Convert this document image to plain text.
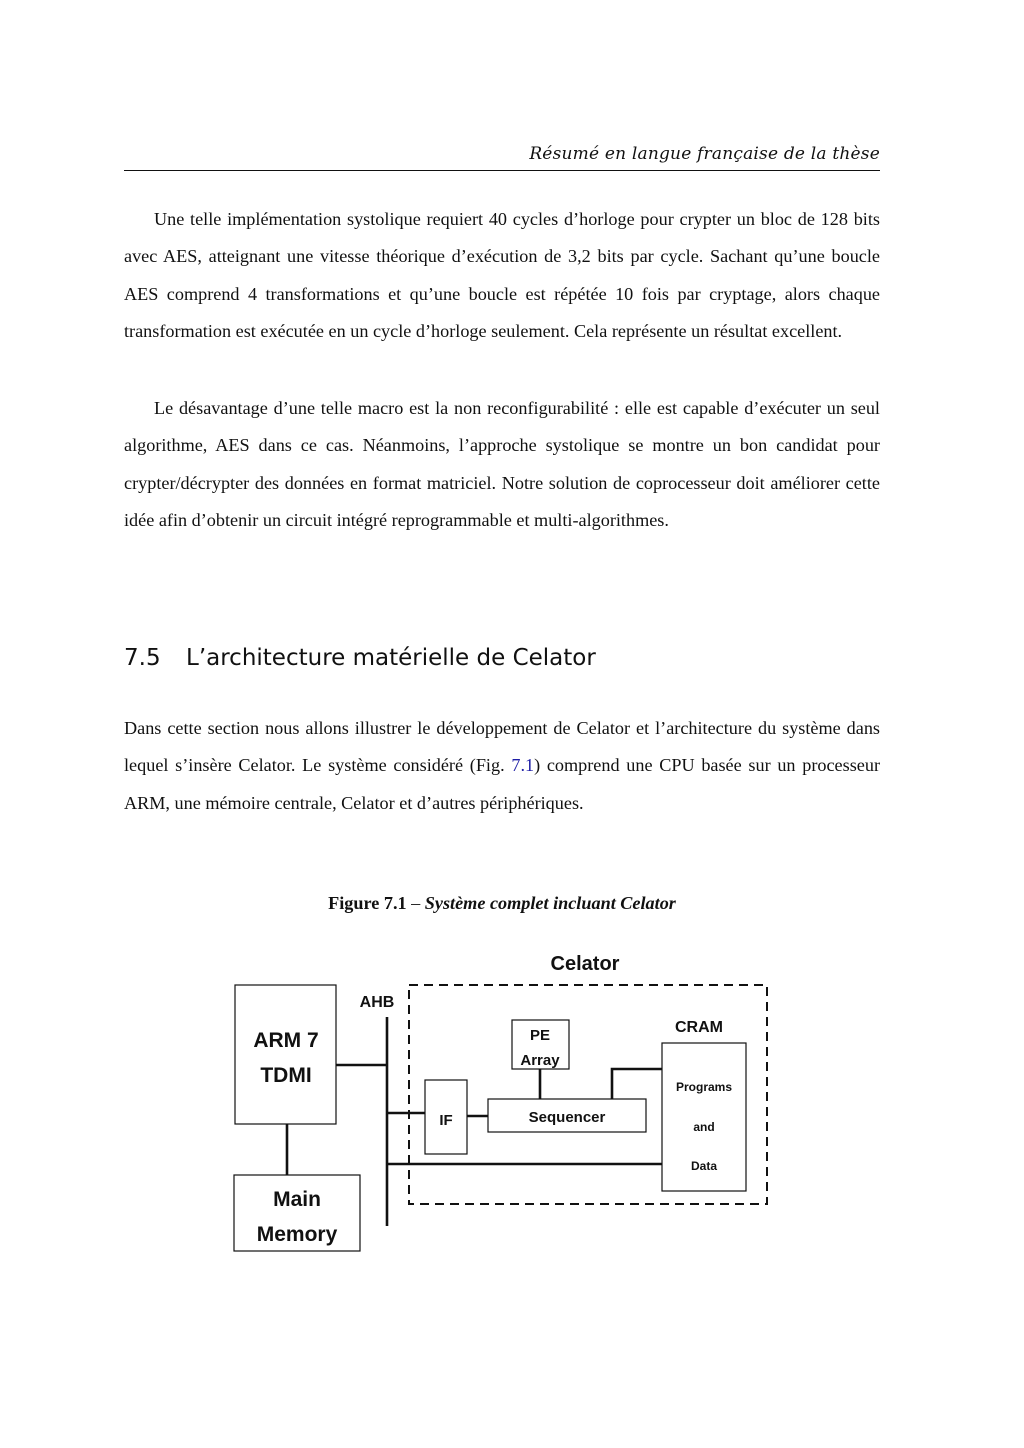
Résumé en langue française de la thèse

Une telle implémentation systolique requiert 40 cycles d’horloge pour crypter un bloc de 128 bits avec AES, atteignant une vitesse théorique d’exécution de 3,2 bits par cycle. Sachant qu’une boucle AES comprend 4 transformations et qu’une boucle est répétée 10 fois par cryptage, alors chaque transformation est exécutée en un cycle d’horloge seulement. Cela représente un résultat excellent.

Le désavantage d’une telle macro est la non reconfigurabilité : elle est capable d’exécuter un seul algorithme, AES dans ce cas. Néanmoins, l’approche systolique se montre un bon candidat pour crypter/décrypter des données en format matriciel. Notre solution de coprocesseur doit améliorer cette idée afin d’obtenir un circuit intégré reprogrammable et multi-algorithmes.

7.5 L’architecture matérielle de Celator

Dans cette section nous allons illustrer le développement de Celator et l’architecture du système dans lequel s’insère Celator. Le système considéré (Fig. 7.1) comprend une CPU basée sur un processeur ARM, une mémoire centrale, Celator et d’autres périphériques.

Figure 7.1 – Système complet incluant Celator
Celator
AHB
CRAM
ARM 7
TDMI
Main
Memory
PE
Array
IF	Sequencer
Programs
and
Data
